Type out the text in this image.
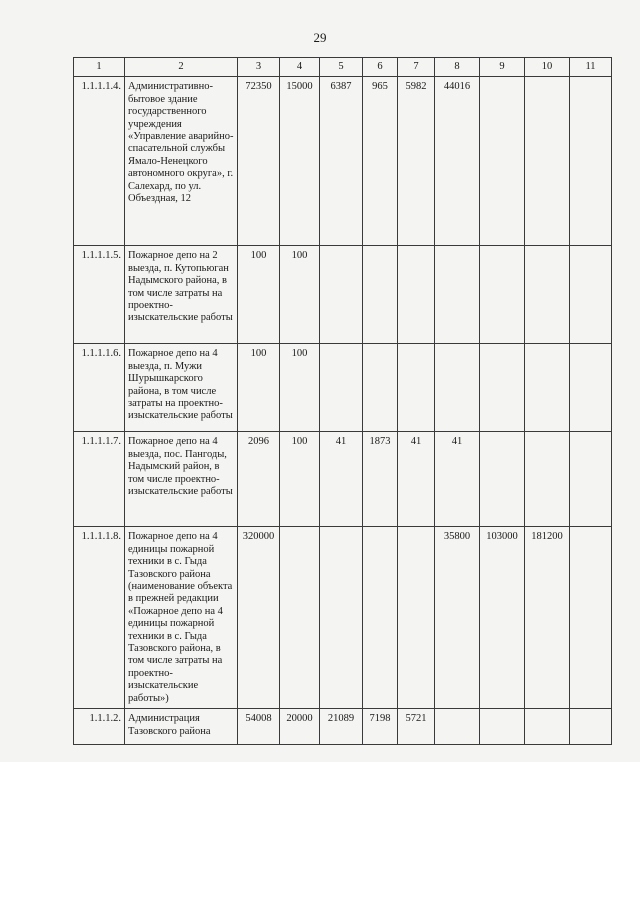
29
1	2	3	4	5	6	7	8	9	10	11
1.1.1.1.4.	Административно-бытовое здание государственного учреждения «Управление аварийно-спасательной службы Ямало-Ненецкого автономного округа», г. Салехард, по ул. Объездная, 12	72350	15000	6387	965	5982	44016			
1.1.1.1.5.	Пожарное депо на 2 выезда, п. Кутопьюган Надымского района, в том числе затраты на проектно-изыскательские работы	100	100							
1.1.1.1.6.	Пожарное депо на 4 выезда, п. Мужи Шурышкарского района, в том числе затраты на проектно-изыскательские работы	100	100							
1.1.1.1.7.	Пожарное депо на 4 выезда, пос. Пангоды, Надымский район, в том числе проектно-изыскательские работы	2096	100	41	1873	41	41			
1.1.1.1.8.	Пожарное депо на 4 единицы пожарной техники в с. Гыда Тазовского района (наименование объекта в прежней редакции «Пожарное депо на 4 единицы пожарной техники в с. Гыда Тазовского района, в том числе затраты на проектно-изыскательские работы»)	320000					35800	103000	181200	
1.1.1.2.	Администрация Тазовского района	54008	20000	21089	7198	5721				
